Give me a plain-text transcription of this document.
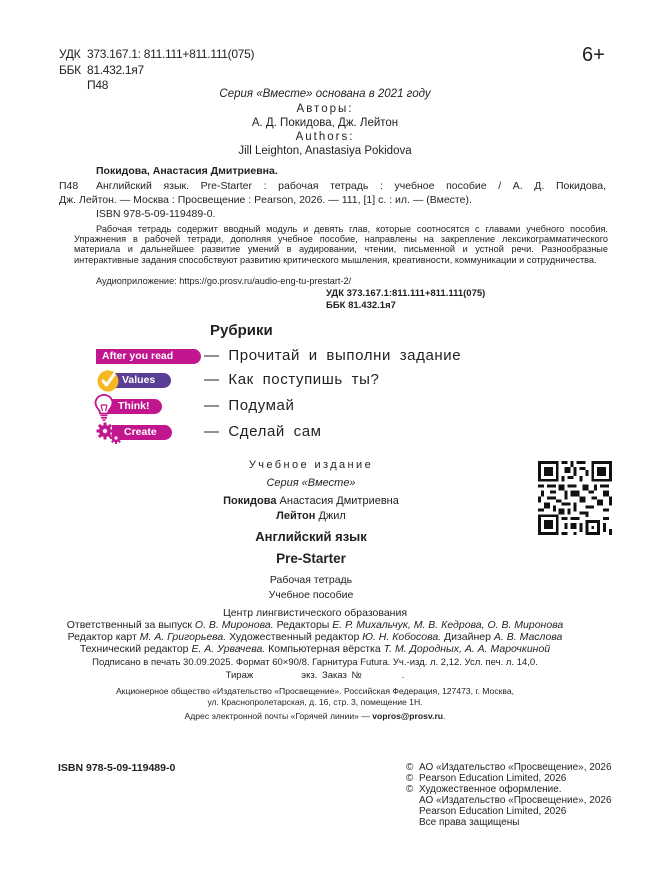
УДК 373.167.1: 811.111+811.111(075)
ББК 81.432.1я7
П48
6+
Серия «Вместе» основана в 2021 году
Авторы:
А. Д. Покидова, Дж. Лейтон
Authors:
Jill Leighton, Anastasiya Pokidova
Покидова, Анастасия Дмитриевна.
П48 Английский язык. Pre-Starter : рабочая тетрадь : учебное пособие / А. Д. Покидова,
Дж. Лейтон. — Москва : Просвещение : Pearson, 2026. — 111, [1] с. : ил. — (Вместе).
ISBN 978-5-09-119489-0.
Рабочая тетрадь содержит вводный модуль и девять глав, которые соотносятся с главами учебного пособия. Упражнения в рабочей тетради, дополняя учебное пособие, направлены на закрепление лексикограмматического материала и дальнейшее развитие умений в аудировании, чтении, письменной и устной речи. Разнообразные интерактивные задания способствуют развитию критического мышления, креативности, коммуникации и сотрудничества.
Аудиоприложение: https://go.prosv.ru/audio-eng-tu-prestart-2/
УДК 373.167.1:811.111+811.111(075)
ББК 81.432.1я7
Рубрики
After you read — Прочитай и выполни задание
Values	— Как поступишь ты?
Think!	— Подумай
Create	— Сделай сам
Учебное издание
Серия «Вместе»
Покидова Анастасия Дмитриевна
Лейтон Джил
Английский язык
Pre-Starter
Рабочая тетрадь
Учебное пособие
Центр лингвистического образования
Ответственный за выпуск О. В. Миронова. Редакторы Е. Р. Михальчук, М. В. Кедрова, О. В. Миронова
Редактор карт М. А. Григорьева. Художественный редактор Ю. Н. Кобосова. Дизайнер А. В. Маслова
Технический редактор Е. А. Урвачева. Компьютерная вёрстка Т. М. Дородных, А. А. Марочкиной
Подписано в печать 30.09.2025. Формат 60×90/8. Гарнитура Futura. Уч.-изд. л. 2,12. Усл. печ. л. 14,0.
Тираж	экз. Заказ №	.
Акционерное общество «Издательство «Просвещение». Российская Федерация, 127473, г. Москва,
ул. Краснопролетарская, д. 16, стр. 3, помещение 1Н.
Адрес электронной почты «Горячей линии» — vopros@prosv.ru.
ISBN 978-5-09-119489-0	© АО «Издательство «Просвещение», 2026
© Pearson Education Limited, 2026
© Художественное оформление.
АО «Издательство «Просвещение», 2026
Pearson Education Limited, 2026
Все права защищены
